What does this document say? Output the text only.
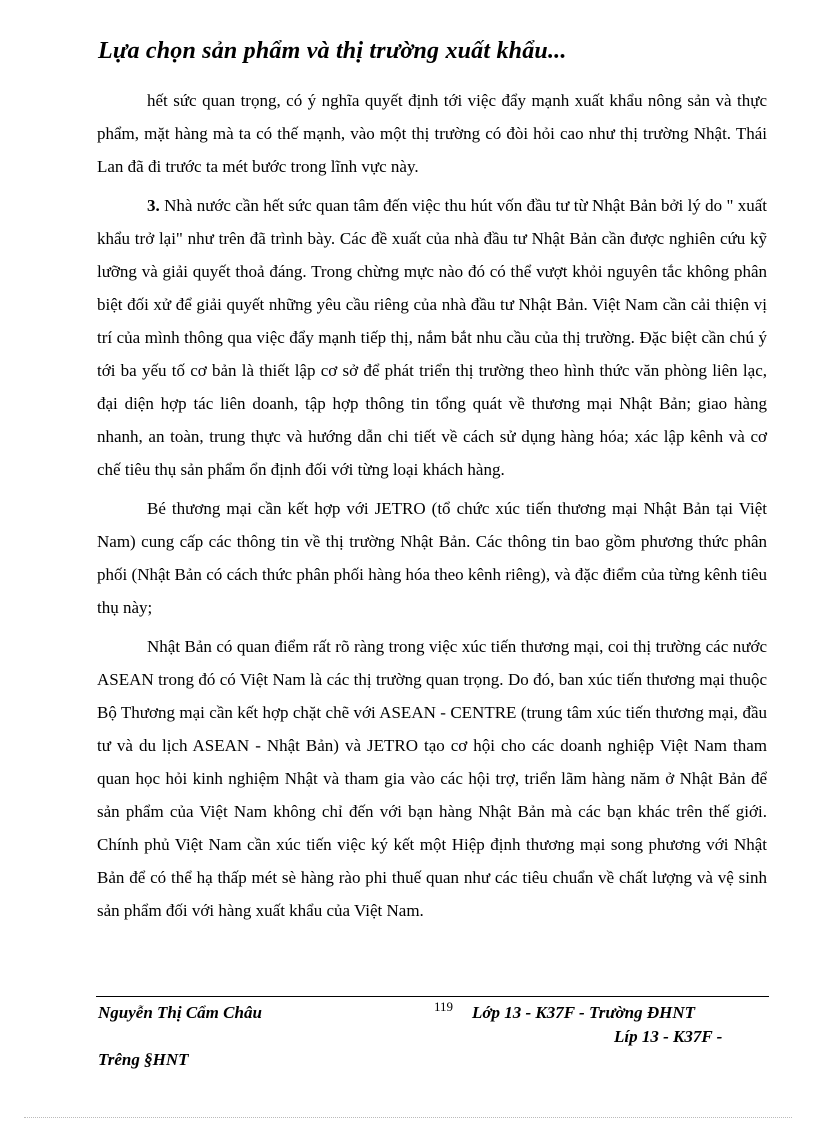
Lựa chọn sản phẩm và thị trường xuất khẩu...

hết sức quan trọng, có ý nghĩa quyết định tới việc đẩy mạnh xuất khẩu nông sản và thực phẩm, mặt hàng mà ta có thế mạnh, vào một thị trường có đòi hỏi cao như thị trường Nhật. Thái Lan đã đi trước ta mét bước trong lĩnh vực này.

3. Nhà nước cần hết sức quan tâm đến việc thu hút vốn đầu tư từ Nhật Bản bởi lý do " xuất khẩu trở lại" như trên đã trình bày. Các đề xuất của nhà đầu tư Nhật Bản cần được nghiên cứu kỹ lưỡng và giải quyết thoả đáng. Trong chừng mực nào đó có thể vượt khỏi nguyên tắc không phân biệt đối xử để giải quyết những yêu cầu riêng của nhà đầu tư Nhật Bản. Việt Nam cần cải thiện vị trí của mình thông qua việc đẩy mạnh tiếp thị, nắm bắt nhu cầu của thị trường. Đặc biệt cần chú ý tới ba yếu tố cơ bản là thiết lập cơ sở để phát triển thị trường theo hình thức văn phòng liên lạc, đại diện hợp tác liên doanh, tập hợp thông tin tổng quát về thương mại Nhật Bản; giao hàng nhanh, an toàn, trung thực và hướng dẫn chi tiết về cách sử dụng hàng hóa; xác lập kênh và cơ chế tiêu thụ sản phẩm ổn định đối với từng loại khách hàng.

Bé thương mại cần kết hợp với JETRO (tổ chức xúc tiến thương mại Nhật Bản tại Việt Nam) cung cấp các thông tin về thị trường Nhật Bản. Các thông tin bao gồm phương thức phân phối (Nhật Bản có cách thức phân phối hàng hóa theo kênh riêng), và đặc điểm của từng kênh tiêu thụ này;

Nhật Bản có quan điểm rất rõ ràng trong việc xúc tiến thương mại, coi thị trường các nước ASEAN trong đó có Việt Nam là các thị trường quan trọng. Do đó, ban xúc tiến thương mại thuộc Bộ Thương mại cần kết hợp chặt chẽ với ASEAN - CENTRE (trung tâm xúc tiến thương mại, đầu tư và du lịch ASEAN - Nhật Bản) và JETRO tạo cơ hội cho các doanh nghiệp Việt Nam tham quan học hỏi kinh nghiệm Nhật và tham gia vào các hội trợ, triển lãm hàng năm ở Nhật Bản để sản phẩm của Việt Nam không chỉ đến với bạn hàng Nhật Bản mà các bạn khác trên thế giới. Chính phủ Việt Nam cần xúc tiến việc ký kết một Hiệp định thương mại song phương với Nhật Bản để có thể hạ thấp mét sè hàng rào phi thuế quan như các tiêu chuẩn về chất lượng và vệ sinh sản phẩm đối với hàng xuất khẩu của Việt Nam.

Nguyễn Thị Cẩm Châu	119 Lớp 13 - K37F - Trường ĐHNT
Líp 13 - K37F -
Trêng §HNT
